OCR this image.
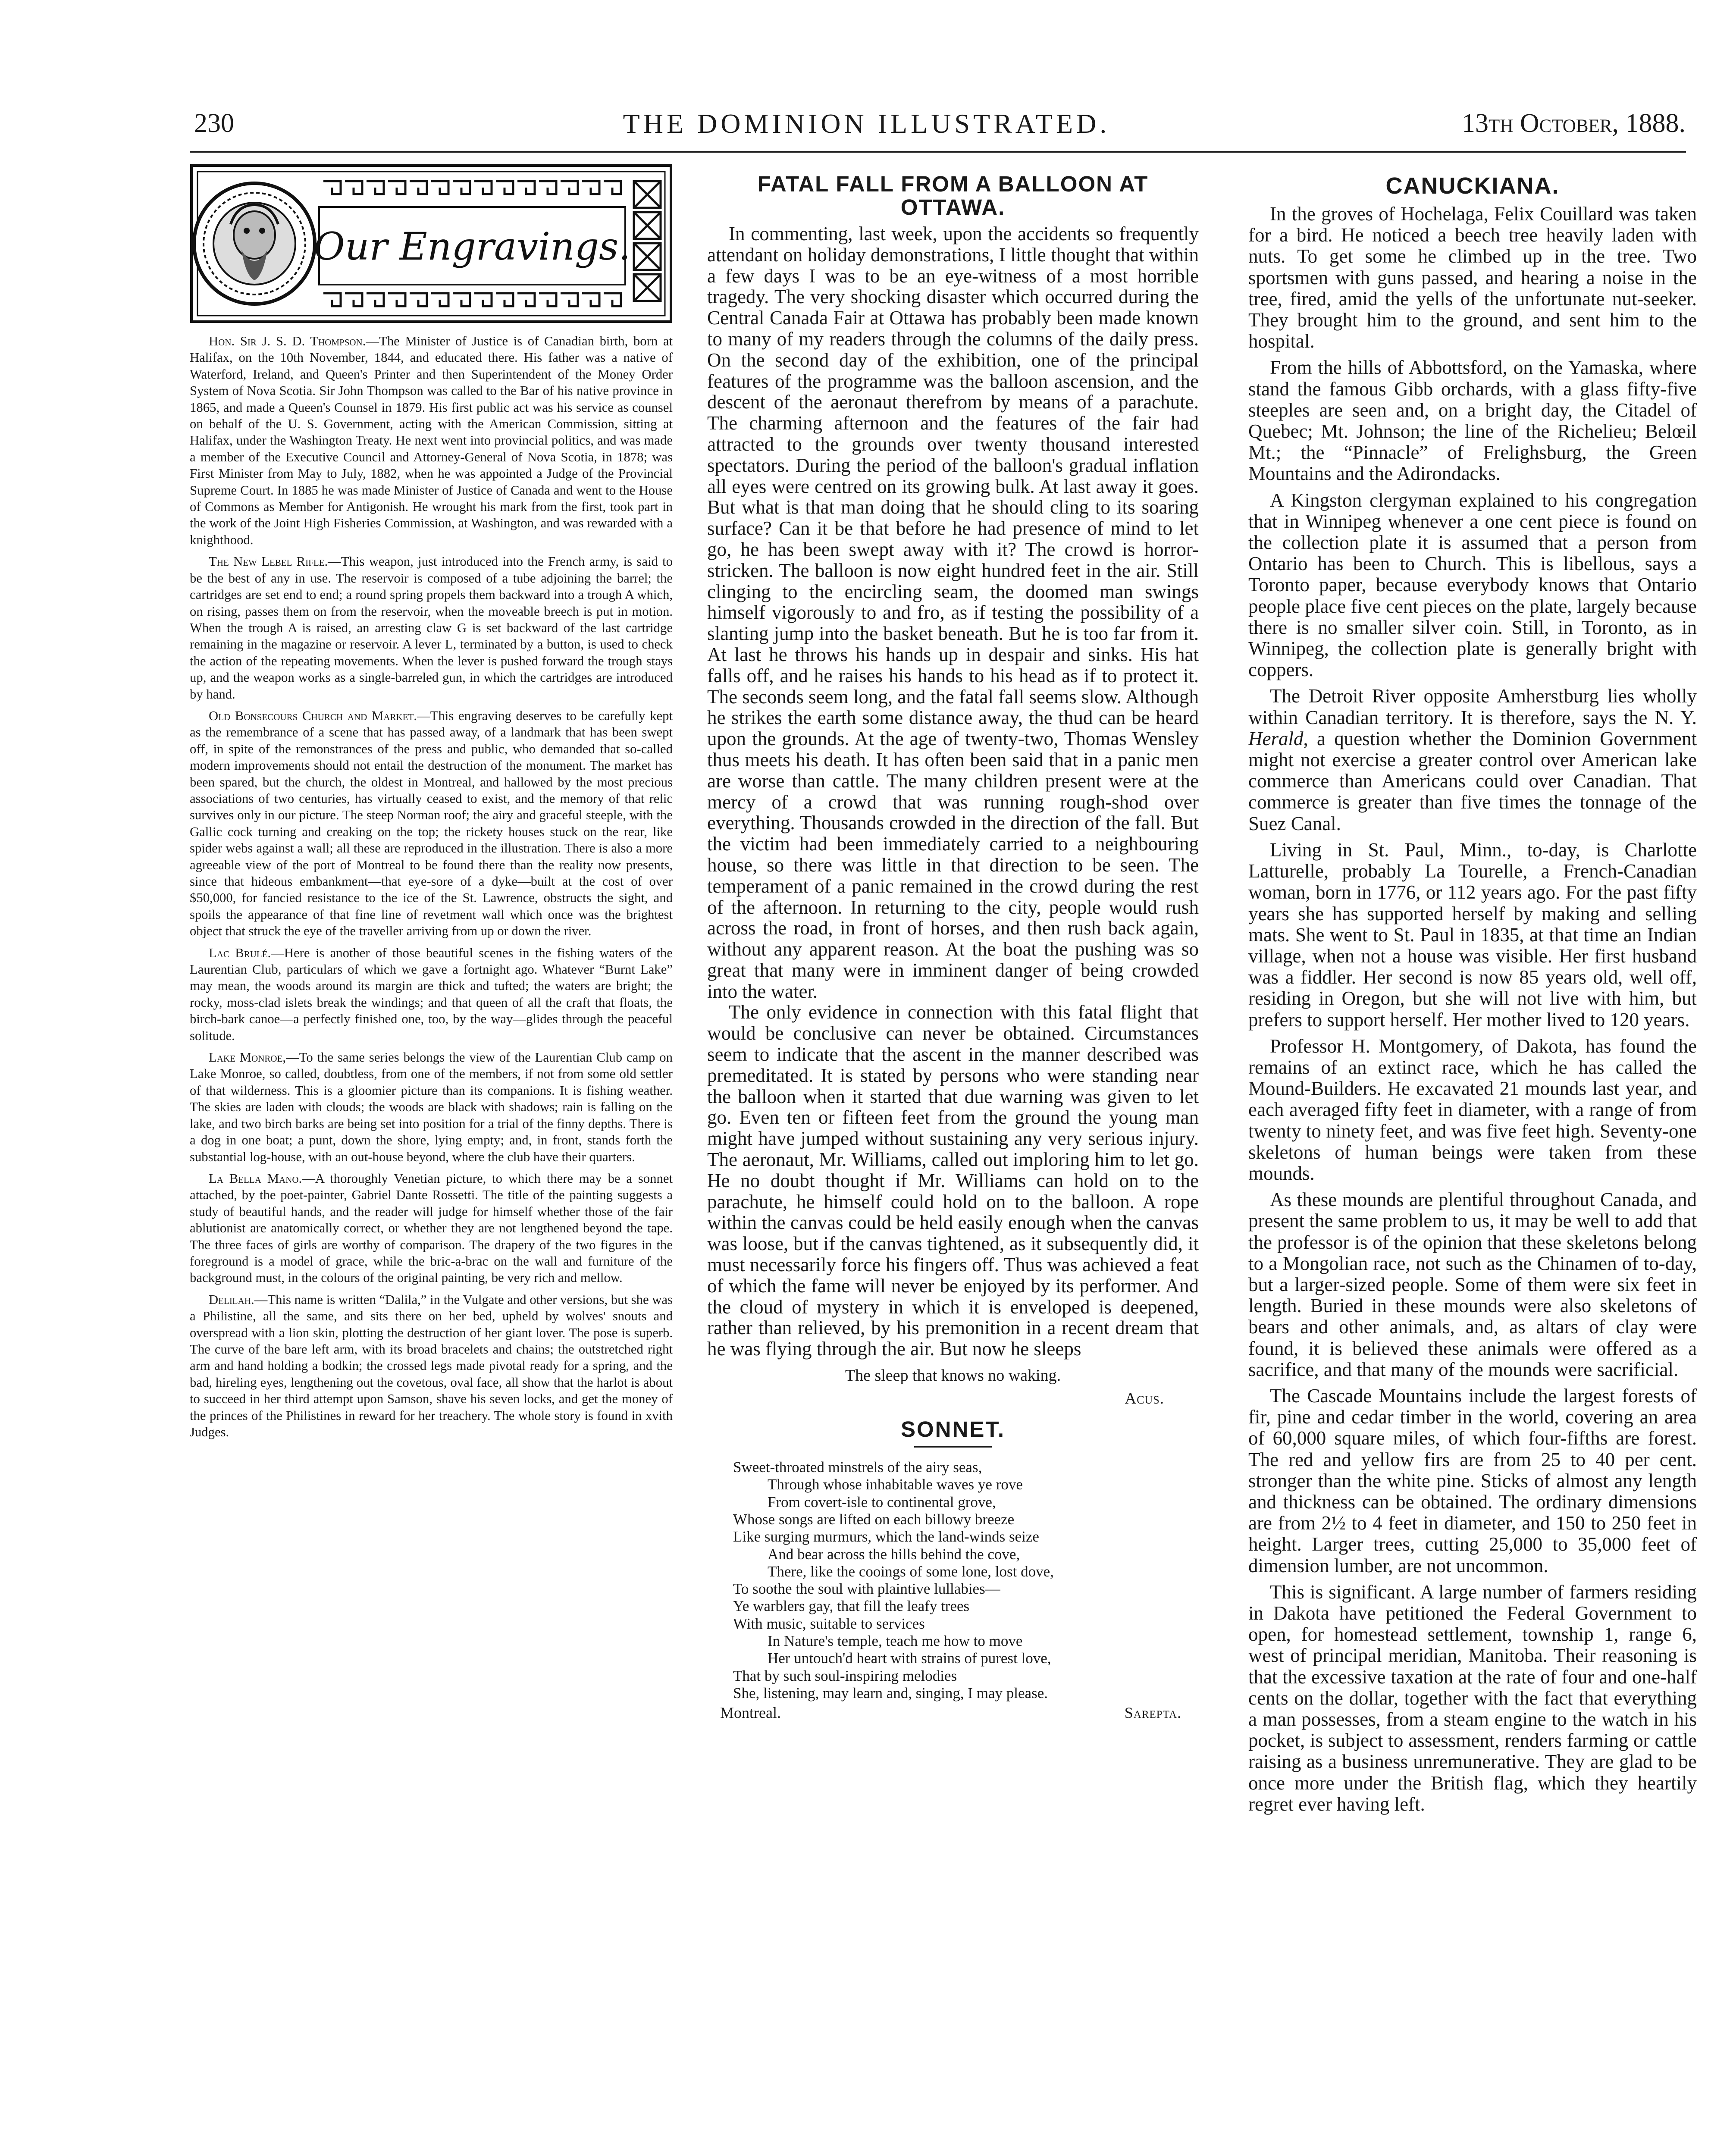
230	THE DOMINION ILLUSTRATED.	13th October, 1888.
Our Engravings.

Hon. Sir J. S. D. Thompson.—The Minister of Justice is of Canadian birth, born at Halifax, on the 10th November, 1844, and educated there. His father was a native of Waterford, Ireland, and Queen's Printer and then Superintendent of the Money Order System of Nova Scotia. Sir John Thompson was called to the Bar of his native province in 1865, and made a Queen's Counsel in 1879. His first public act was his service as counsel on behalf of the U. S. Government, acting with the American Commission, sitting at Halifax, under the Washington Treaty. He next went into provincial politics, and was made a member of the Executive Council and Attorney-General of Nova Scotia, in 1878; was First Minister from May to July, 1882, when he was appointed a Judge of the Provincial Supreme Court. In 1885 he was made Minister of Justice of Canada and went to the House of Commons as Member for Antigonish. He wrought his mark from the first, took part in the work of the Joint High Fisheries Commission, at Washington, and was rewarded with a knighthood.

The New Lebel Rifle.—This weapon, just introduced into the French army, is said to be the best of any in use. The reservoir is composed of a tube adjoining the barrel; the cartridges are set end to end; a round spring propels them backward into a trough A which, on rising, passes them on from the reservoir, when the moveable breech is put in motion. When the trough A is raised, an arresting claw G is set backward of the last cartridge remaining in the magazine or reservoir. A lever L, terminated by a button, is used to check the action of the repeating movements. When the lever is pushed forward the trough stays up, and the weapon works as a single-barreled gun, in which the cartridges are introduced by hand.

Old Bonsecours Church and Market.—This engraving deserves to be carefully kept as the remembrance of a scene that has passed away, of a landmark that has been swept off, in spite of the remonstrances of the press and public, who demanded that so-called modern improvements should not entail the destruction of the monument. The market has been spared, but the church, the oldest in Montreal, and hallowed by the most precious associations of two centuries, has virtually ceased to exist, and the memory of that relic survives only in our picture. The steep Norman roof; the airy and graceful steeple, with the Gallic cock turning and creaking on the top; the rickety houses stuck on the rear, like spider webs against a wall; all these are reproduced in the illustration. There is also a more agreeable view of the port of Montreal to be found there than the reality now presents, since that hideous embankment—that eye-sore of a dyke—built at the cost of over $50,000, for fancied resistance to the ice of the St. Lawrence, obstructs the sight, and spoils the appearance of that fine line of revetment wall which once was the brightest object that struck the eye of the traveller arriving from up or down the river.

Lac Brulé.—Here is another of those beautiful scenes in the fishing waters of the Laurentian Club, particulars of which we gave a fortnight ago. Whatever “Burnt Lake” may mean, the woods around its margin are thick and tufted; the waters are bright; the rocky, moss-clad islets break the windings; and that queen of all the craft that floats, the birch-bark canoe—a perfectly finished one, too, by the way—glides through the peaceful solitude.

Lake Monroe,—To the same series belongs the view of the Laurentian Club camp on Lake Monroe, so called, doubtless, from one of the members, if not from some old settler of that wilderness. This is a gloomier picture than its companions. It is fishing weather. The skies are laden with clouds; the woods are black with shadows; rain is falling on the lake, and two birch barks are being set into position for a trial of the finny depths. There is a dog in one boat; a punt, down the shore, lying empty; and, in front, stands forth the substantial log-house, with an out-house beyond, where the club have their quarters.

La Bella Mano.—A thoroughly Venetian picture, to which there may be a sonnet attached, by the poet-painter, Gabriel Dante Rossetti. The title of the painting suggests a study of beautiful hands, and the reader will judge for himself whether those of the fair ablutionist are anatomically correct, or whether they are not lengthened beyond the tape. The three faces of girls are worthy of comparison. The drapery of the two figures in the foreground is a model of grace, while the bric-a-brac on the wall and furniture of the background must, in the colours of the original painting, be very rich and mellow.

Delilah.—This name is written “Dalila,” in the Vulgate and other versions, but she was a Philistine, all the same, and sits there on her bed, upheld by wolves' snouts and overspread with a lion skin, plotting the destruction of her giant lover. The pose is superb. The curve of the bare left arm, with its broad bracelets and chains; the outstretched right arm and hand holding a bodkin; the crossed legs made pivotal ready for a spring, and the bad, hireling eyes, lengthening out the covetous, oval face, all show that the harlot is about to succeed in her third attempt upon Samson, shave his seven locks, and get the money of the princes of the Philistines in reward for her treachery. The whole story is found in xvith Judges.

FATAL FALL FROM A BALLOON AT OTTAWA.

In commenting, last week, upon the accidents so frequently attendant on holiday demonstrations, I little thought that within a few days I was to be an eye-witness of a most horrible tragedy. The very shocking disaster which occurred during the Central Canada Fair at Ottawa has probably been made known to many of my readers through the columns of the daily press. On the second day of the exhibition, one of the principal features of the programme was the balloon ascension, and the descent of the aeronaut therefrom by means of a parachute. The charming afternoon and the features of the fair had attracted to the grounds over twenty thousand interested spectators. During the period of the balloon's gradual inflation all eyes were centred on its growing bulk. At last away it goes. But what is that man doing that he should cling to its soaring surface? Can it be that before he had presence of mind to let go, he has been swept away with it? The crowd is horror-stricken. The balloon is now eight hundred feet in the air. Still clinging to the encircling seam, the doomed man swings himself vigorously to and fro, as if testing the possibility of a slanting jump into the basket beneath. But he is too far from it. At last he throws his hands up in despair and sinks. His hat falls off, and he raises his hands to his head as if to protect it. The seconds seem long, and the fatal fall seems slow. Although he strikes the earth some distance away, the thud can be heard upon the grounds. At the age of twenty-two, Thomas Wensley thus meets his death. It has often been said that in a panic men are worse than cattle. The many children present were at the mercy of a crowd that was running rough-shod over everything. Thousands crowded in the direction of the fall. But the victim had been immediately carried to a neighbouring house, so there was little in that direction to be seen. The temperament of a panic remained in the crowd during the rest of the afternoon. In returning to the city, people would rush across the road, in front of horses, and then rush back again, without any apparent reason. At the boat the pushing was so great that many were in imminent danger of being crowded into the water.

The only evidence in connection with this fatal flight that would be conclusive can never be obtained. Circumstances seem to indicate that the ascent in the manner described was premeditated. It is stated by persons who were standing near the balloon when it started that due warning was given to let go. Even ten or fifteen feet from the ground the young man might have jumped without sustaining any very serious injury. The aeronaut, Mr. Williams, called out imploring him to let go. He no doubt thought if Mr. Williams can hold on to the parachute, he himself could hold on to the balloon. A rope within the canvas could be held easily enough when the canvas was loose, but if the canvas tightened, as it subsequently did, it must necessarily force his fingers off. Thus was achieved a feat of which the fame will never be enjoyed by its performer. And the cloud of mystery in which it is enveloped is deepened, rather than relieved, by his premonition in a recent dream that he was flying through the air. But now he sleeps

The sleep that knows no waking.
Acus.
SONNET.
Sweet-throated minstrels of the airy seas,
Through whose inhabitable waves ye rove
From covert-isle to continental grove,
Whose songs are lifted on each billowy breeze
Like surging murmurs, which the land-winds seize
And bear across the hills behind the cove,
There, like the cooings of some lone, lost dove,
To soothe the soul with plaintive lullabies—
Ye warblers gay, that fill the leafy trees
With music, suitable to services
In Nature's temple, teach me how to move
Her untouch'd heart with strains of purest love,
That by such soul-inspiring melodies
She, listening, may learn and, singing, I may please.
Montreal.	Sarepta.
CANUCKIANA.

In the groves of Hochelaga, Felix Couillard was taken for a bird. He noticed a beech tree heavily laden with nuts. To get some he climbed up in the tree. Two sportsmen with guns passed, and hearing a noise in the tree, fired, amid the yells of the unfortunate nut-seeker. They brought him to the ground, and sent him to the hospital.

From the hills of Abbottsford, on the Yamaska, where stand the famous Gibb orchards, with a glass fifty-five steeples are seen and, on a bright day, the Citadel of Quebec; Mt. Johnson; the line of the Richelieu; Belœil Mt.; the “Pinnacle” of Frelighsburg, the Green Mountains and the Adirondacks.

A Kingston clergyman explained to his congregation that in Winnipeg whenever a one cent piece is found on the collection plate it is assumed that a person from Ontario has been to Church. This is libellous, says a Toronto paper, because everybody knows that Ontario people place five cent pieces on the plate, largely because there is no smaller silver coin. Still, in Toronto, as in Winnipeg, the collection plate is generally bright with coppers.

The Detroit River opposite Amherstburg lies wholly within Canadian territory. It is therefore, says the N. Y. Herald, a question whether the Dominion Government might not exercise a greater control over American lake commerce than Americans could over Canadian. That commerce is greater than five times the tonnage of the Suez Canal.

Living in St. Paul, Minn., to-day, is Charlotte Latturelle, probably La Tourelle, a French-Canadian woman, born in 1776, or 112 years ago. For the past fifty years she has supported herself by making and selling mats. She went to St. Paul in 1835, at that time an Indian village, when not a house was visible. Her first husband was a fiddler. Her second is now 85 years old, well off, residing in Oregon, but she will not live with him, but prefers to support herself. Her mother lived to 120 years.

Professor H. Montgomery, of Dakota, has found the remains of an extinct race, which he has called the Mound-Builders. He excavated 21 mounds last year, and each averaged fifty feet in diameter, with a range of from twenty to ninety feet, and was five feet high. Seventy-one skeletons of human beings were taken from these mounds.

As these mounds are plentiful throughout Canada, and present the same problem to us, it may be well to add that the professor is of the opinion that these skeletons belong to a Mongolian race, not such as the Chinamen of to-day, but a larger-sized people. Some of them were six feet in length. Buried in these mounds were also skeletons of bears and other animals, and, as altars of clay were found, it is believed these animals were offered as a sacrifice, and that many of the mounds were sacrificial.

The Cascade Mountains include the largest forests of fir, pine and cedar timber in the world, covering an area of 60,000 square miles, of which four-fifths are forest. The red and yellow firs are from 25 to 40 per cent. stronger than the white pine. Sticks of almost any length and thickness can be obtained. The ordinary dimensions are from 2½ to 4 feet in diameter, and 150 to 250 feet in height. Larger trees, cutting 25,000 to 35,000 feet of dimension lumber, are not uncommon.

This is significant. A large number of farmers residing in Dakota have petitioned the Federal Government to open, for homestead settlement, township 1, range 6, west of principal meridian, Manitoba. Their reasoning is that the excessive taxation at the rate of four and one-half cents on the dollar, together with the fact that everything a man possesses, from a steam engine to the watch in his pocket, is subject to assessment, renders farming or cattle raising as a business unremunerative. They are glad to be once more under the British flag, which they heartily regret ever having left.
